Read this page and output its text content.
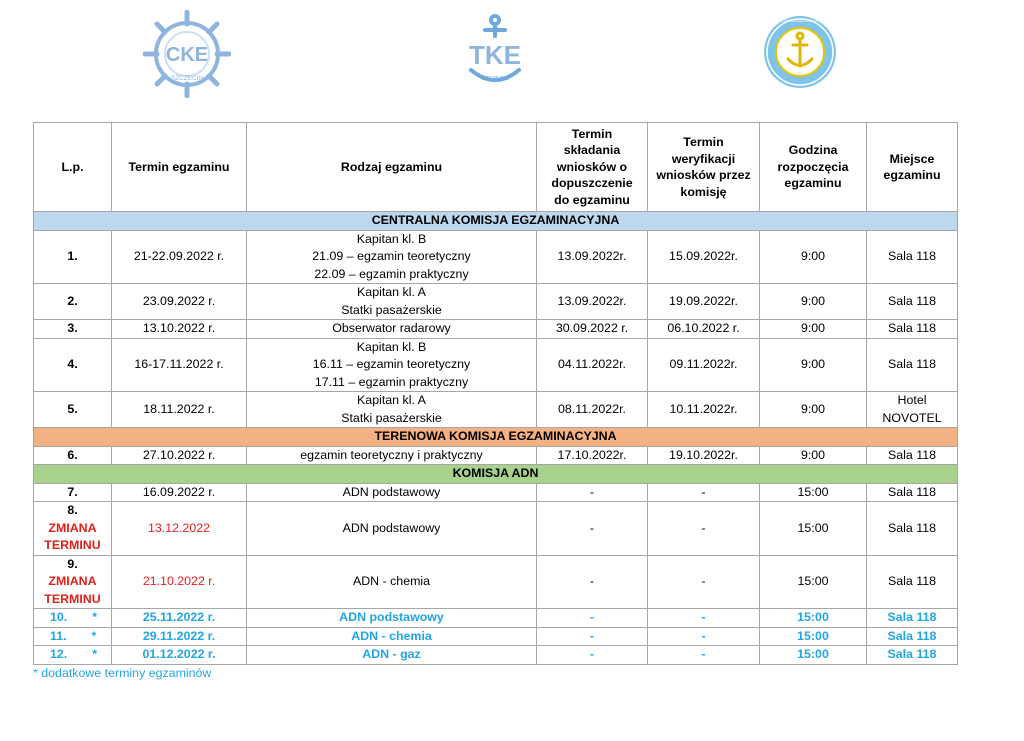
CKE
SZCZECIN
TKE
SZCZECIN
URZĄD ŻEGLUGI ŚRÓDLĄDOWEJ W SZCZECINIE
L.p.	Termin egzaminu	Rodzaj egzaminu	Termin
składania
wniosków o
dopuszczenie
do egzaminu	Termin
weryfikacji
wniosków przez
komisję	Godzina
rozpoczęcia
egzaminu	Miejsce
egzaminu

CENTRALNA KOMISJA EGZAMINACYJNA						
1.	21-22.09.2022 r.	Kapitan kl. B
21.09 – egzamin teoretyczny
22.09 – egzamin praktyczny	13.09.2022r.	15.09.2022r.	9:00	Sala 118
2.	23.09.2022 r.	Kapitan kl. A
Statki pasażerskie	13.09.2022r.	19.09.2022r.	9:00	Sala 118
3.	13.10.2022 r.	Obserwator radarowy	30.09.2022 r.	06.10.2022 r.	9:00	Sala 118
4.	16-17.11.2022 r.	Kapitan kl. B
16.11 – egzamin teoretyczny
17.11 – egzamin praktyczny	04.11.2022r.	09.11.2022r.	9:00	Sala 118
5.	18.11.2022 r.	Kapitan kl. A
Statki pasażerskie	08.11.2022r.	10.11.2022r.	9:00	Hotel
NOVOTEL

TERENOWA KOMISJA EGZAMINACYJNA						
6.	27.10.2022 r.	egzamin teoretyczny i praktyczny	17.10.2022r.	19.10.2022r.	9:00	Sala 118
KOMISJA ADN						
7.	16.09.2022 r.	ADN podstawowy	-	-	15:00	Sala 118

8.
ZMIANA
TERMINU	13.12.2022	ADN podstawowy	-	-	15:00	Sala 118

9.
ZMIANA
TERMINU	21.10.2022 r.	ADN - chemia	-	-	15:00	Sala 118
10. *	25.11.2022 r.	ADN podstawowy	-	-	15:00	Sala 118
11. *	29.11.2022 r.	ADN - chemia	-	-	15:00	Sala 118
12. *	01.12.2022 r.	ADN - gaz	-	-	15:00	Sala 118
* dodatkowe terminy egzaminów
